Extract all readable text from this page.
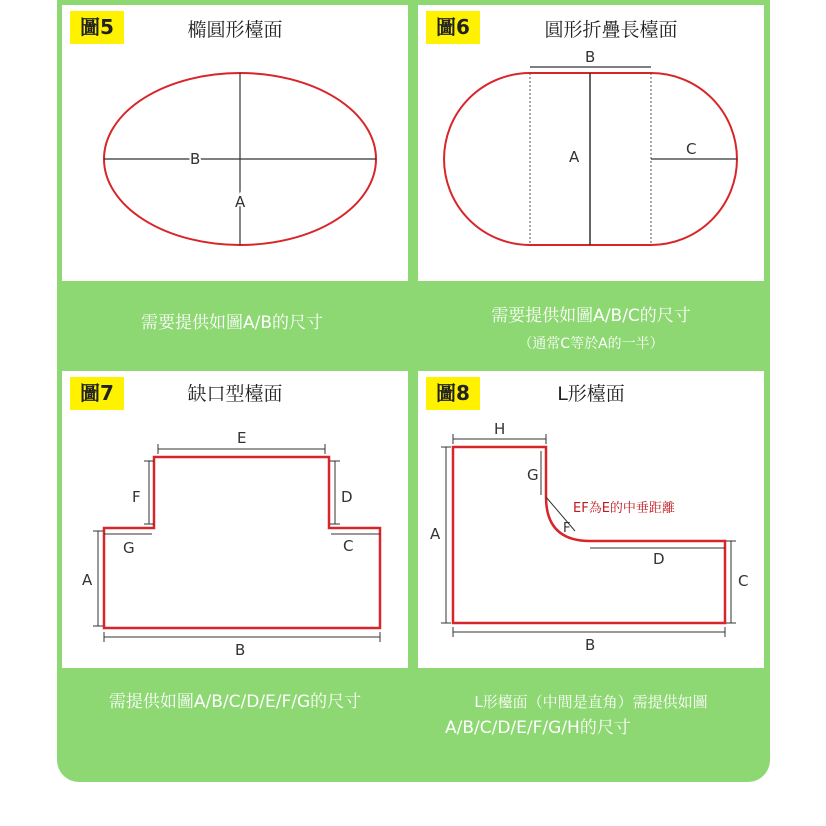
圖5	橢圓形檯面
B
A
圖6	圓形折疊長檯面
B
A	C
需要提供如圖A/B的尺寸	需要提供如圖A/B/C的尺寸
（通常C等於A的一半）
圖7	缺口型檯面
E
F	D
G	C
A
B
圖8	L形檯面
H
G
F
EF為E的中垂距離
D
A
C
B
需提供如圖A/B/C/D/E/F/G的尺寸	L形檯面（中間是直角）需提供如圖
A/B/C/D/E/F/G/H的尺寸
